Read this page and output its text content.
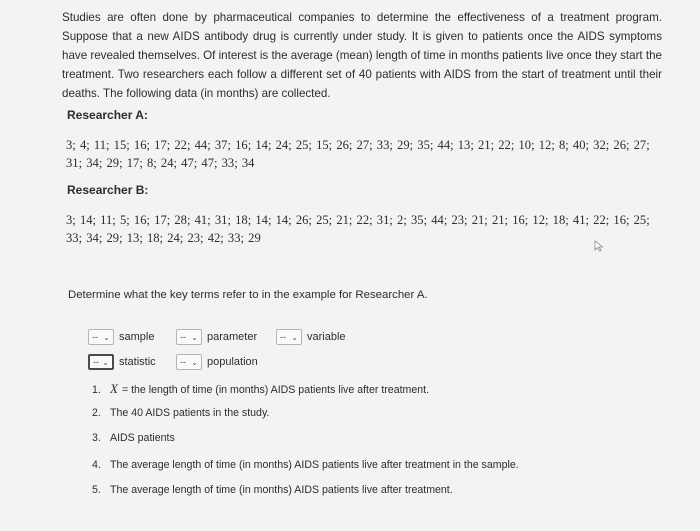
Studies are often done by pharmaceutical companies to determine the effectiveness of a treatment program. Suppose that a new AIDS antibody drug is currently under study. It is given to patients once the AIDS symptoms have revealed themselves. Of interest is the average (mean) length of time in months patients live once they start the treatment. Two researchers each follow a different set of 40 patients with AIDS from the start of treatment until their deaths. The following data (in months) are collected.
Researcher A:
3; 4; 11; 15; 16; 17; 22; 44; 37; 16; 14; 24; 25; 15; 26; 27; 33; 29; 35; 44; 13; 21; 22; 10; 12; 8; 40; 32; 26; 27; 31; 34; 29; 17; 8; 24; 47; 47; 33; 34
Researcher B:
3; 14; 11; 5; 16; 17; 28; 41; 31; 18; 14; 14; 26; 25; 21; 22; 31; 2; 35; 44; 23; 21; 21; 16; 12; 18; 41; 22; 16; 25; 33; 34; 29; 13; 18; 24; 23; 42; 33; 29
Determine what the key terms refer to in the example for Researcher A.
-- ⌄ sample	-- ⌄ parameter	-- ⌄ variable
-- ⌄ statistic	-- ⌄ population
1. X = the length of time (in months) AIDS patients live after treatment.
2. The 40 AIDS patients in the study.
3. AIDS patients
4. The average length of time (in months) AIDS patients live after treatment in the sample.
5. The average length of time (in months) AIDS patients live after treatment.
